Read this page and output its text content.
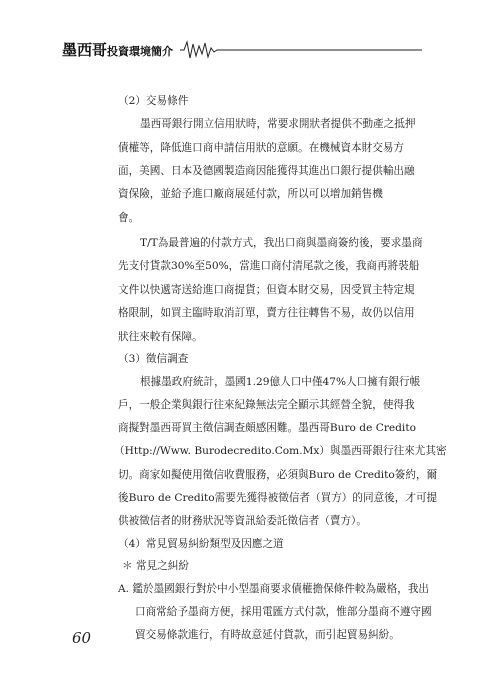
墨西哥投資環境簡介
（2）交易條件
墨西哥銀行開立信用狀時，常要求開狀者提供不動產之抵押
債權等，降低進口商申請信用狀的意願。在機械資本財交易方
面，美國、日本及德國製造商因能獲得其進出口銀行提供輸出融
資保險，並給予進口廠商展延付款，所以可以增加銷售機
會。
T/T為最普遍的付款方式，我出口商與墨商簽約後，要求墨商
先支付貨款30%至50%，當進口商付清尾款之後，我商再將裝船
文件以快遞寄送給進口商提貨；但資本財交易，因受買主特定規
格限制，如買主臨時取消訂單，賣方往往轉售不易，故仍以信用
狀往來較有保障。
（3）徵信調查
根據墨政府統計，墨國1.29億人口中僅47%人口擁有銀行帳
戶，一般企業與銀行往來紀錄無法完全顯示其經營全貌，使得我
商擬對墨西哥買主徵信調查頗感困難。墨西哥Buro de Credito
（Http://Www. Burodecredito.Com.Mx）與墨西哥銀行往來尤其密
切。商家如擬使用徵信收費服務，必須與Buro de Credito簽約，爾
後Buro de Credito需要先獲得被徵信者（買方）的同意後，才可提
供被徵信者的財務狀況等資訊給委託徵信者（賣方）。
（4）常見貿易糾紛類型及因應之道
＊ 常見之糾紛
A. 鑑於墨國銀行對於中小型墨商要求債權擔保條件較為嚴格，我出
口商常給予墨商方便，採用電匯方式付款，惟部分墨商不遵守國
貿交易條款進行，有時故意延付貨款，而引起貿易糾紛。
60
